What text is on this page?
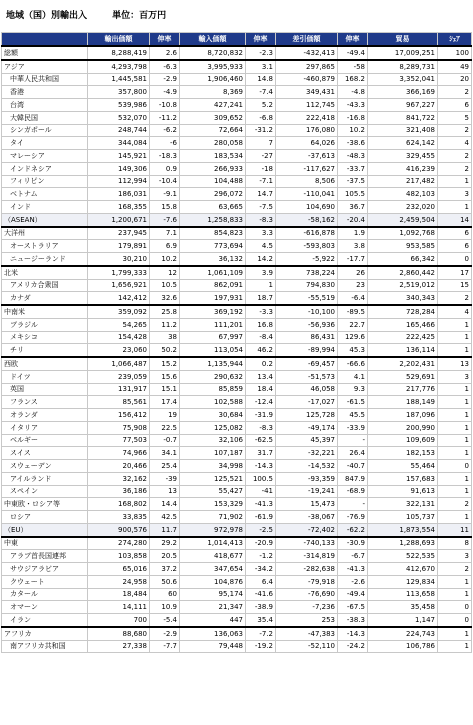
地域（国）別輸出入	単位：百万円
	輸出価額	伸率	輸入価額	伸率	差引価額	伸率	貿易	ｼｪｱ
総額	8,288,419	2.6	8,720,832	-2.3	-432,413	-49.4	17,009,251	100
アジア	4,293,798	-6.3	3,995,933	3.1	297,865	-58	8,289,731	49
中華人民共和国	1,445,581	-2.9	1,906,460	14.8	-460,879	168.2	3,352,041	20
香港	357,800	-4.9	8,369	-7.4	349,431	-4.8	366,169	2
台湾	539,986	-10.8	427,241	5.2	112,745	-43.3	967,227	6
大韓民国	532,070	-11.2	309,652	-6.8	222,418	-16.8	841,722	5
シンガポール	248,744	-6.2	72,664	-31.2	176,080	10.2	321,408	2
タイ	344,084	-6	280,058	7	64,026	-38.6	624,142	4
マレーシア	145,921	-18.3	183,534	-27	-37,613	-48.3	329,455	2
インドネシア	149,306	0.9	266,933	-18	-117,627	-33.7	416,239	2
フィリピン	112,994	-10.4	104,488	-7.1	8,506	-37.5	217,482	1
ベトナム	186,031	-9.1	296,072	14.7	-110,041	105.5	482,103	3
インド	168,355	15.8	63,665	-7.5	104,690	36.7	232,020	1
（ASEAN）	1,200,671	-7.6	1,258,833	-8.3	-58,162	-20.4	2,459,504	14
大洋州	237,945	7.1	854,823	3.3	-616,878	1.9	1,092,768	6
オーストラリア	179,891	6.9	773,694	4.5	-593,803	3.8	953,585	6
ニュージーランド	30,210	10.2	36,132	14.2	-5,922	-17.7	66,342	0
北米	1,799,333	12	1,061,109	3.9	738,224	26	2,860,442	17
アメリカ合衆国	1,656,921	10.5	862,091	1	794,830	23	2,519,012	15
カナダ	142,412	32.6	197,931	18.7	-55,519	-6.4	340,343	2
中南米	359,092	25.8	369,192	-3.3	-10,100	-89.5	728,284	4
ブラジル	54,265	11.2	111,201	16.8	-56,936	22.7	165,466	1
メキシコ	154,428	38	67,997	-8.4	86,431	129.6	222,425	1
チリ	23,060	50.2	113,054	46.2	-89,994	45.3	136,114	1
西欧	1,066,487	15.2	1,135,944	0.2	-69,457	-66.6	2,202,431	13
ドイツ	239,059	15.6	290,632	13.4	-51,573	4.1	529,691	3
英国	131,917	15.1	85,859	18.4	46,058	9.3	217,776	1
フランス	85,561	17.4	102,588	-12.4	-17,027	-61.5	188,149	1
オランダ	156,412	19	30,684	-31.9	125,728	45.5	187,096	1
イタリア	75,908	22.5	125,082	-8.3	-49,174	-33.9	200,990	1
ベルギー	77,503	-0.7	32,106	-62.5	45,397	-	109,609	1
スイス	74,966	34.1	107,187	31.7	-32,221	26.4	182,153	1
スウェーデン	20,466	25.4	34,998	-14.3	-14,532	-40.7	55,464	0
アイルランド	32,162	-39	125,521	100.5	-93,359	847.9	157,683	1
スペイン	36,186	13	55,427	-41	-19,241	-68.9	91,613	1
中東欧・ロシア等	168,802	14.4	153,329	-41.3	15,473	-	322,131	2
ロシア	33,835	42.5	71,902	-61.9	-38,067	-76.9	105,737	1
（EU）	900,576	11.7	972,978	-2.5	-72,402	-62.2	1,873,554	11
中東	274,280	29.2	1,014,413	-20.9	-740,133	-30.9	1,288,693	8
アラブ首長国連邦	103,858	20.5	418,677	-1.2	-314,819	-6.7	522,535	3
サウジアラビア	65,016	37.2	347,654	-34.2	-282,638	-41.3	412,670	2
クウェート	24,958	50.6	104,876	6.4	-79,918	-2.6	129,834	1
カタール	18,484	60	95,174	-41.6	-76,690	-49.4	113,658	1
オマーン	14,111	10.9	21,347	-38.9	-7,236	-67.5	35,458	0
イラン	700	-5.4	447	35.4	253	-38.3	1,147	0
アフリカ	88,680	-2.9	136,063	-7.2	-47,383	-14.3	224,743	1
南アフリカ共和国	27,338	-7.7	79,448	-19.2	-52,110	-24.2	106,786	1
